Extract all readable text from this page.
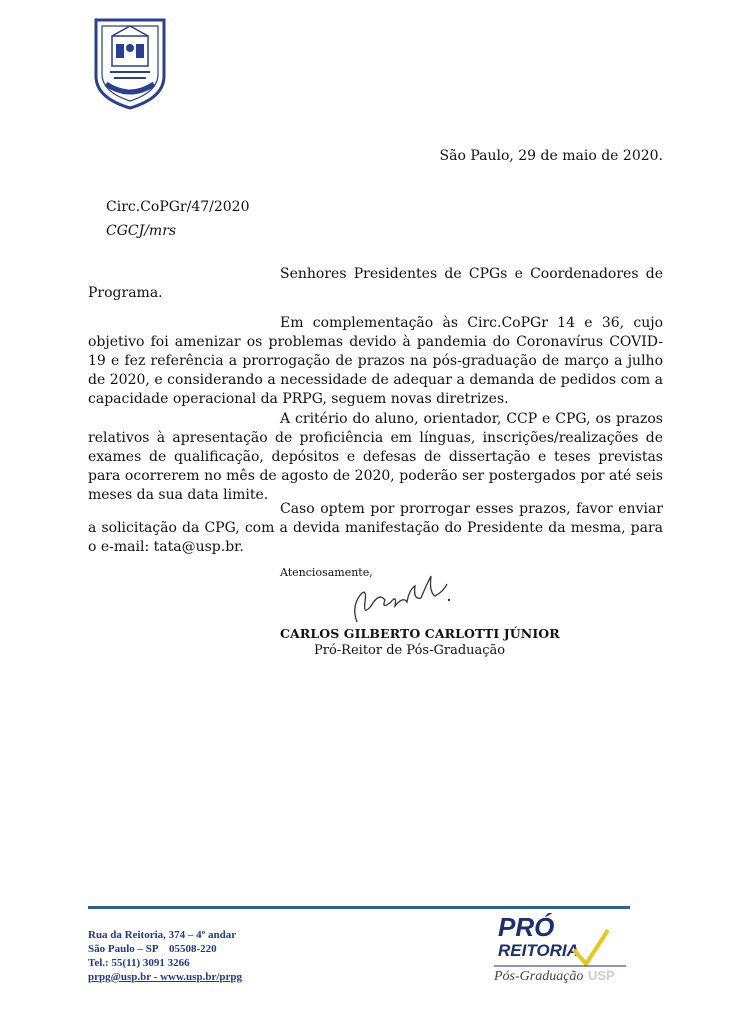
São Paulo, 29 de maio de 2020.
Circ.CoPGr/47/2020
CGCJ/mrs

Senhores Presidentes de CPGs e Coordenadores de Programa.

Em complementação às Circ.CoPGr 14 e 36, cujo objetivo foi amenizar os problemas devido à pandemia do Coronavírus COVID-19 e fez referência a prorrogação de prazos na pós-graduação de março a julho de 2020, e considerando a necessidade de adequar a demanda de pedidos com a capacidade operacional da PRPG, seguem novas diretrizes.

A critério do aluno, orientador, CCP e CPG, os prazos relativos à apresentação de proficiência em línguas, inscrições/realizações de exames de qualificação, depósitos e defesas de dissertação e teses previstas para ocorrerem no mês de agosto de 2020, poderão ser postergados por até seis meses da sua data limite.

Caso optem por prorrogar esses prazos, favor enviar a solicitação da CPG, com a devida manifestação do Presidente da mesma, para o e-mail: tata@usp.br.

Atenciosamente,
CARLOS GILBERTO CARLOTTI JÚNIOR
Pró-Reitor de Pós-Graduação
Rua da Reitoria, 374 – 4º andar
São Paulo – SP    05508-220
Tel.: 55(11) 3091 3266
prpg@usp.br - www.usp.br/prpg
PRÓ
REITORIA
Pós-Graduação USP
